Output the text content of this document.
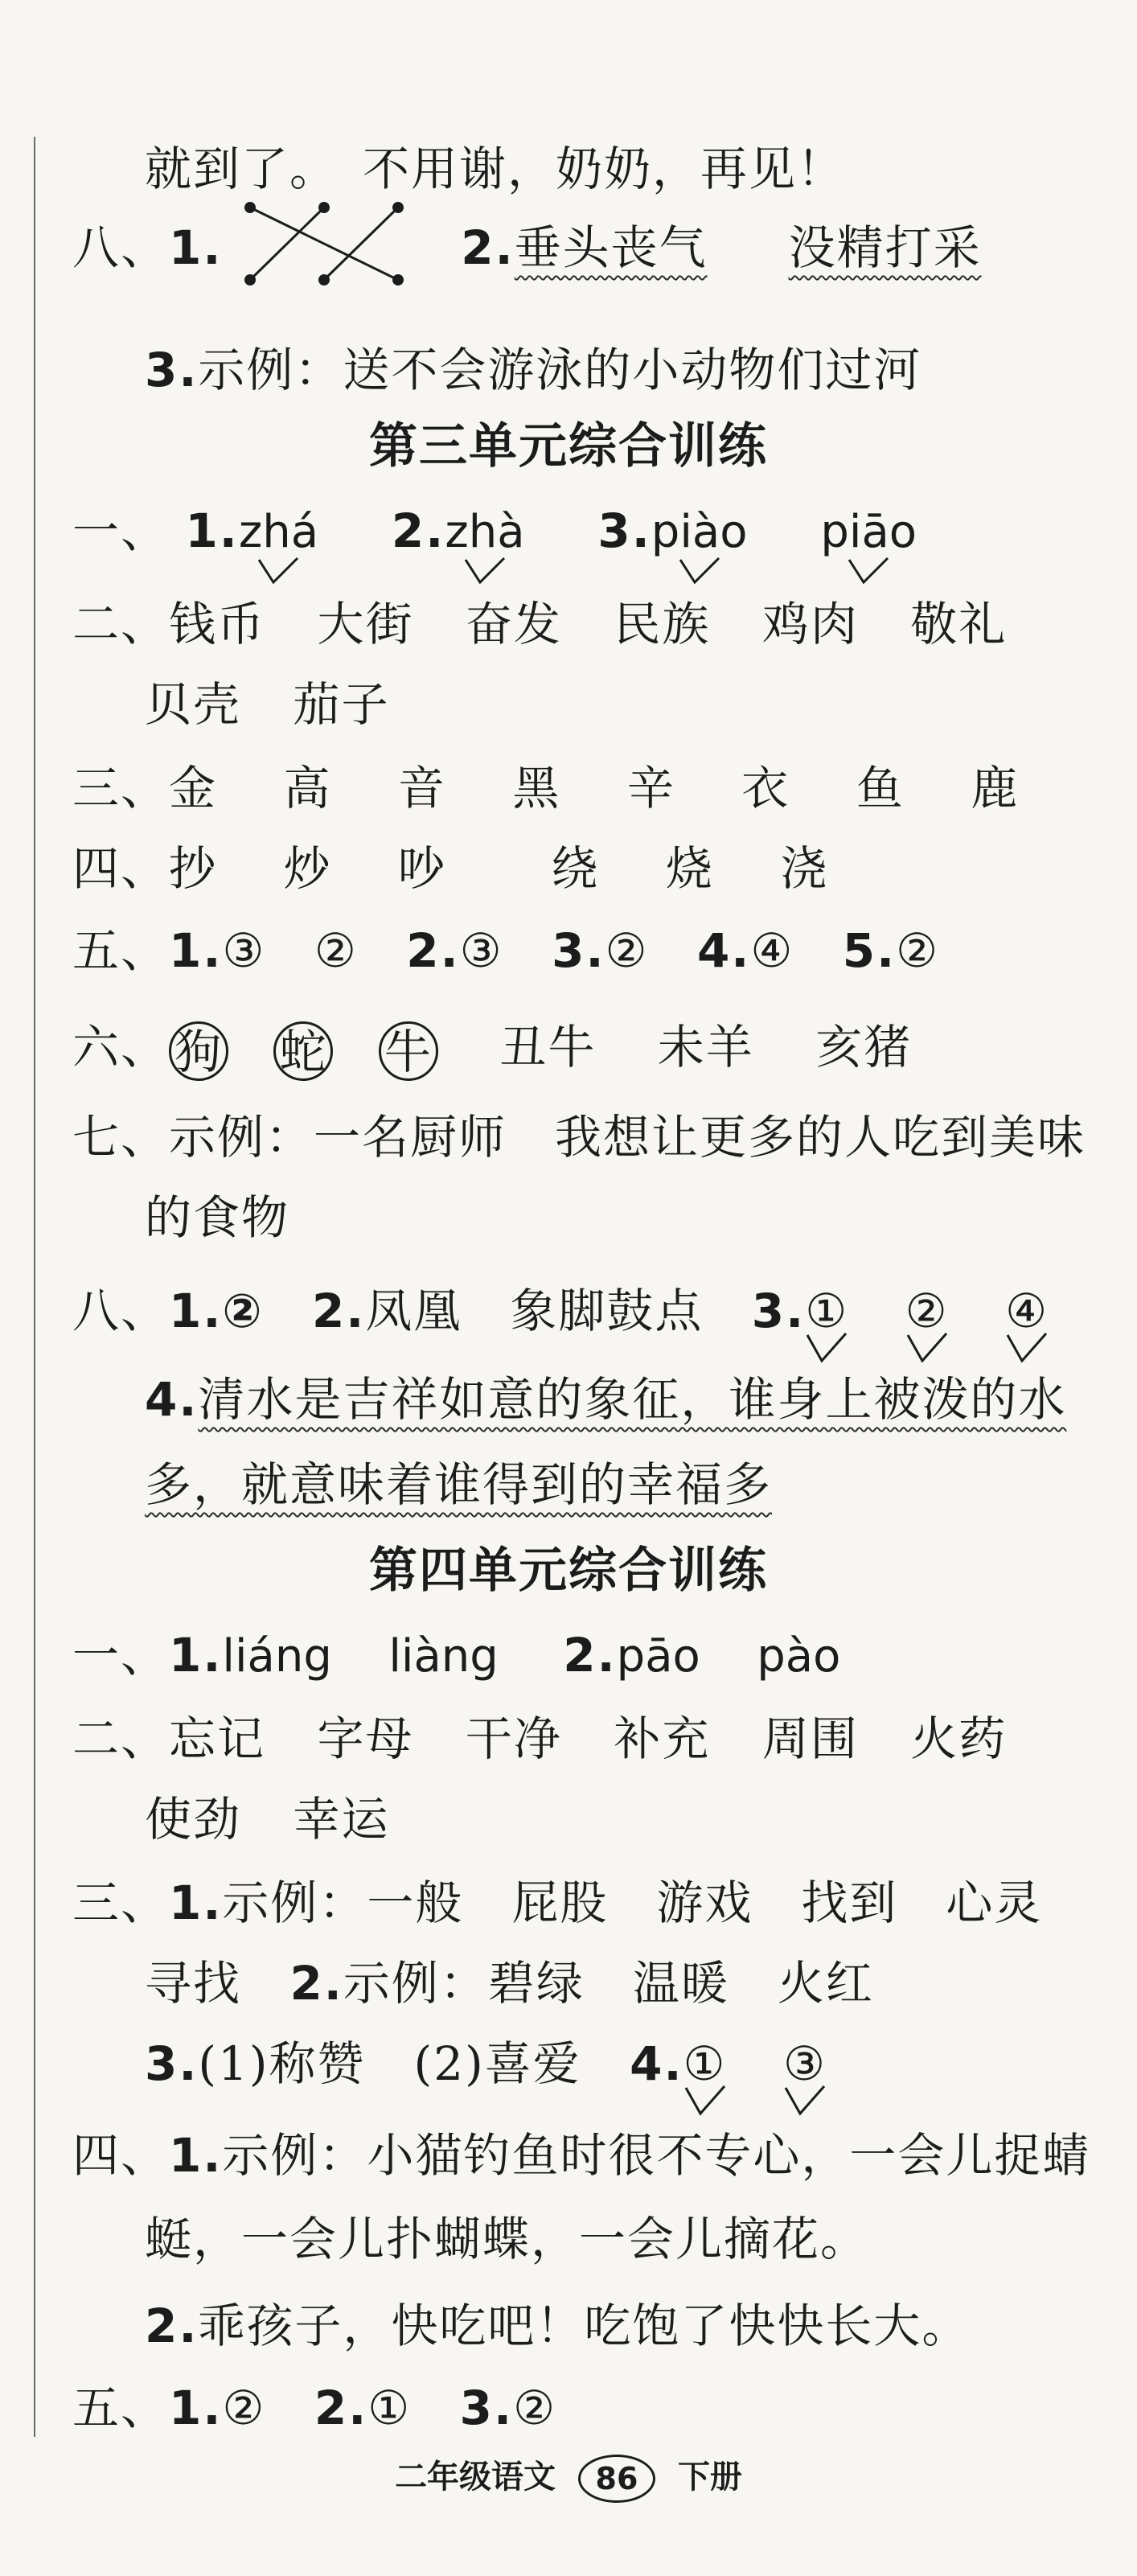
就到了。　不用谢，奶奶，再见！
八、1.	2.垂头丧气 没精打采
3.示例：送不会游泳的小动物们过河
第三单元综合训练
一、 1.zhá 2.zhà 3.piào piāo
二、钱币 大街 奋发 民族 鸡肉 敬礼
贝壳 茄子
三、金 高 音 黑 辛 衣 鱼 鹿
四、抄 炒 吵 绕 烧 浇
五、1.③ ② 2.③ 3.② 4.④ 5.②
六、 狗 蛇 牛 丑牛 未羊 亥猪
七、示例：一名厨师　我想让更多的人吃到美味
的食物
八、1.② 2.凤凰　象脚鼓点 3.① ② ④
4.清水是吉祥如意的象征，谁身上被泼的水
多，就意味着谁得到的幸福多
第四单元综合训练
一、1.liáng liàng 2.pāo pào
二、忘记 字母 干净 补充 周围 火药
使劲 幸运
三、1.示例：一般　屁股　游戏　找到　心灵
寻找 2.示例：碧绿　温暖　火红
3.(1)称赞　(2)喜爱 4.① ③
四、1.示例：小猫钓鱼时很不专心，一会儿捉蜻
蜓，一会儿扑蝴蝶，一会儿摘花。
2.乖孩子，快吃吧！吃饱了快快长大。
五、1.② 2.① 3.②
二年级语文 86 下册
